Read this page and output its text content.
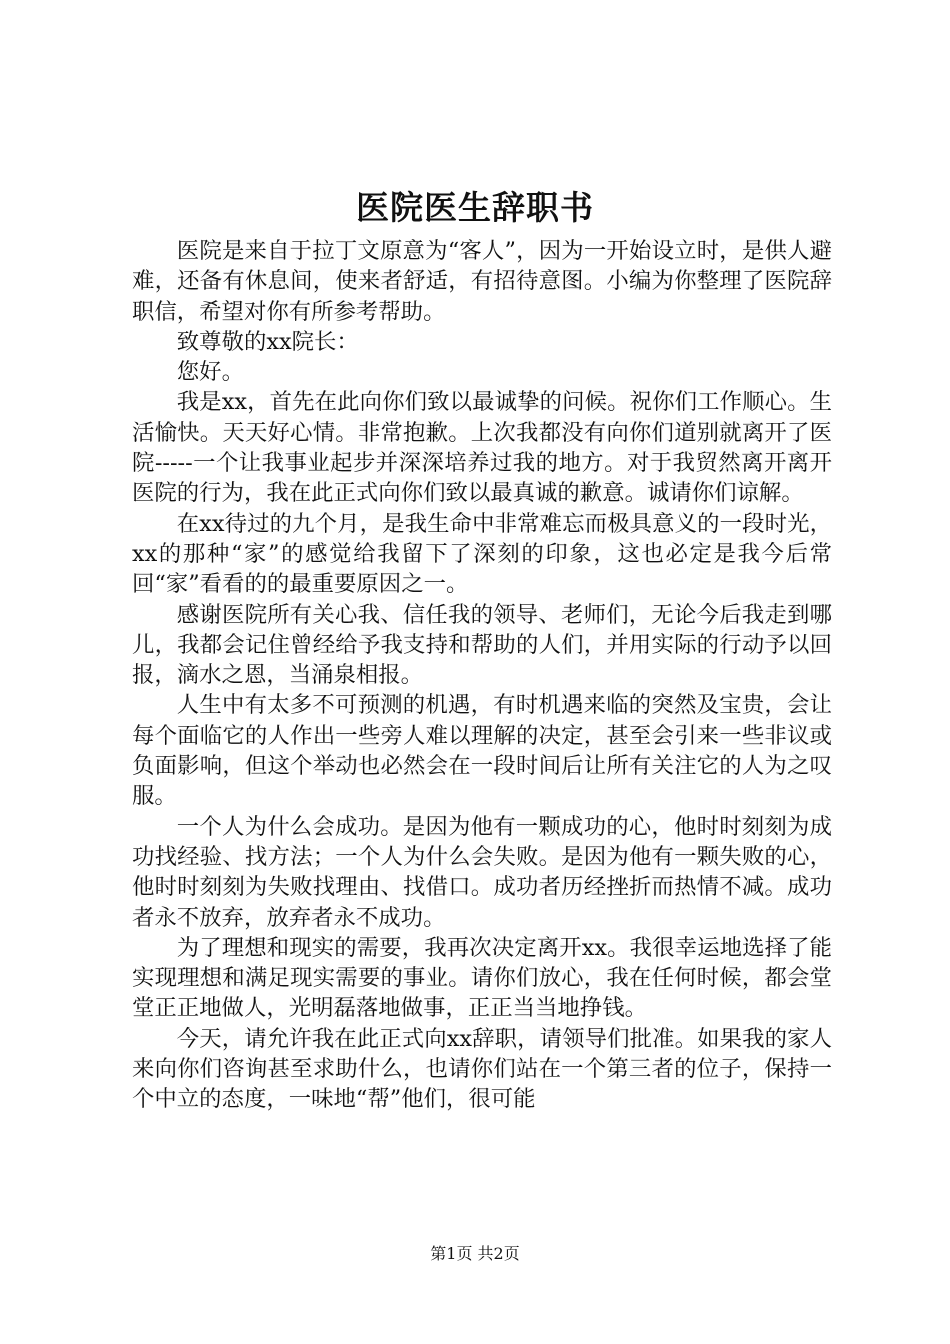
医院医生辞职书

医院是来自于拉丁文原意为“客人”，因为一开始设立时，是供人避难，还备有休息间，使来者舒适，有招待意图。小编为你整理了医院辞职信，希望对你有所参考帮助。

致尊敬的xx院长：

您好。

我是xx，首先在此向你们致以最诚挚的问候。祝你们工作顺心。生活愉快。天天好心情。非常抱歉。上次我都没有向你们道别就离开了医院-----一个让我事业起步并深深培养过我的地方。对于我贸然离开离开医院的行为，我在此正式向你们致以最真诚的歉意。诚请你们谅解。

在xx待过的九个月，是我生命中非常难忘而极具意义的一段时光，xx的那种“家”的感觉给我留下了深刻的印象，这也必定是我今后常回“家”看看的的最重要原因之一。

感谢医院所有关心我、信任我的领导、老师们，无论今后我走到哪儿，我都会记住曾经给予我支持和帮助的人们，并用实际的行动予以回报，滴水之恩，当涌泉相报。

人生中有太多不可预测的机遇，有时机遇来临的突然及宝贵，会让每个面临它的人作出一些旁人难以理解的决定，甚至会引来一些非议或负面影响，但这个举动也必然会在一段时间后让所有关注它的人为之叹服。

一个人为什么会成功。是因为他有一颗成功的心，他时时刻刻为成功找经验、找方法；一个人为什么会失败。是因为他有一颗失败的心，他时时刻刻为失败找理由、找借口。成功者历经挫折而热情不减。成功者永不放弃，放弃者永不成功。

为了理想和现实的需要，我再次决定离开xx。我很幸运地选择了能实现理想和满足现实需要的事业。请你们放心，我在任何时候，都会堂堂正正地做人，光明磊落地做事，正正当当地挣钱。

今天，请允许我在此正式向xx辞职，请领导们批准。如果我的家人来向你们咨询甚至求助什么，也请你们站在一个第三者的位子，保持一个中立的态度，一味地“帮”他们，很可能

第1页 共2页
